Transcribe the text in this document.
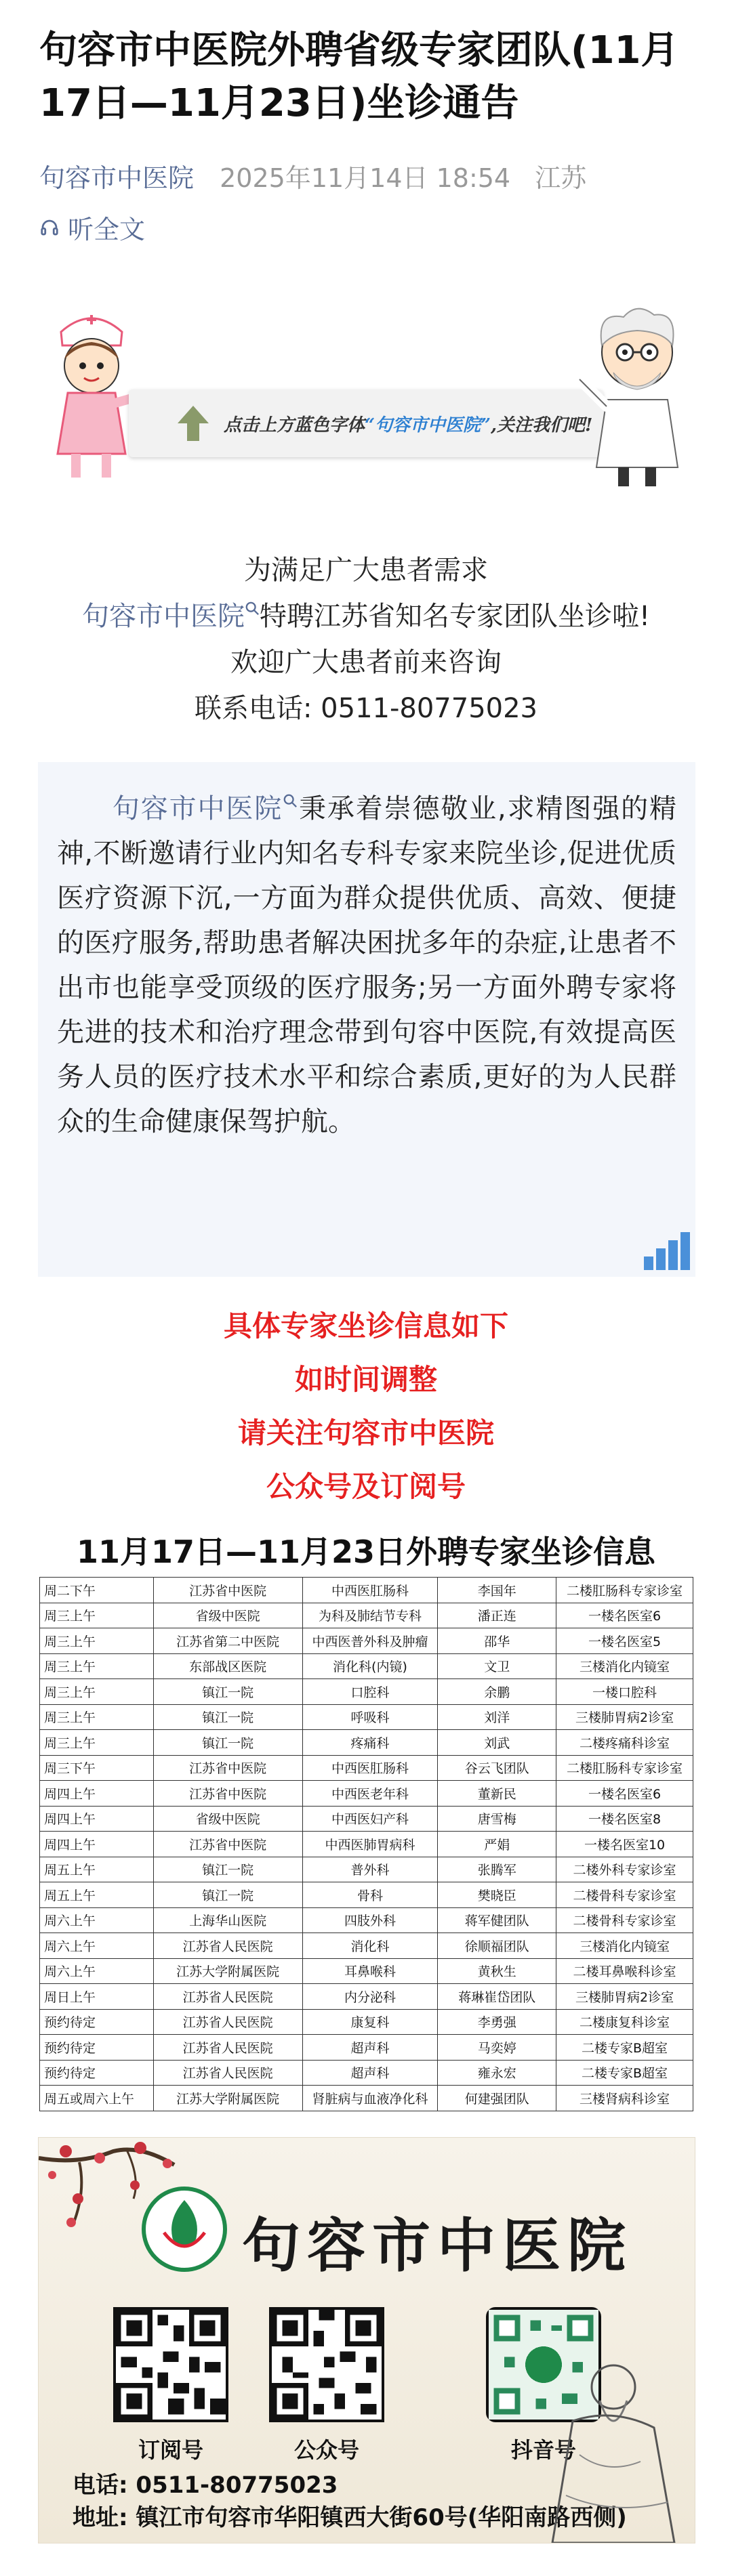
句容市中医院外聘省级专家团队(11月17日—11月23日)坐诊通告
句容市中医院 2025年11月14日 18:54 江苏
听全文
点击上方蓝色字体“句容市中医院”,关注我们吧!
为满足广大患者需求
句容市中医院 特聘江苏省知名专家团队坐诊啦!
欢迎广大患者前来咨询
联系电话: 0511-80775023

句容市中医院 秉承着崇德敬业,求精图强的精神,不断邀请行业内知名专科专家来院坐诊,促进优质医疗资源下沉,一方面为群众提供优质、高效、便捷的医疗服务,帮助患者解决困扰多年的杂症,让患者不出市也能享受顶级的医疗服务;另一方面外聘专家将先进的技术和治疗理念带到句容中医院,有效提高医务人员的医疗技术水平和综合素质,更好的为人民群众的生命健康保驾护航。

具体专家坐诊信息如下
如时间调整
请关注句容市中医院
公众号及订阅号
11月17日—11月23日外聘专家坐诊信息
周二下午	江苏省中医院	中西医肛肠科	李国年	二楼肛肠科专家诊室
周三上午	省级中医院	为科及肺结节专科	潘正连	一楼名医室6
周三上午	江苏省第二中医院	中西医普外科及肿瘤	邵华	一楼名医室5
周三上午	东部战区医院	消化科(内镜)	文卫	三楼消化内镜室
周三上午	镇江一院	口腔科	余鹏	一楼口腔科
周三上午	镇江一院	呼吸科	刘洋	三楼肺胃病2诊室
周三上午	镇江一院	疼痛科	刘武	二楼疼痛科诊室
周三下午	江苏省中医院	中西医肛肠科	谷云飞团队	二楼肛肠科专家诊室
周四上午	江苏省中医院	中西医老年科	董新民	一楼名医室6
周四上午	省级中医院	中西医妇产科	唐雪梅	一楼名医室8
周四上午	江苏省中医院	中西医肺胃病科	严娟	一楼名医室10
周五上午	镇江一院	普外科	张腾军	二楼外科专家诊室
周五上午	镇江一院	骨科	樊晓臣	二楼骨科专家诊室
周六上午	上海华山医院	四肢外科	蒋军健团队	二楼骨科专家诊室
周六上午	江苏省人民医院	消化科	徐顺福团队	三楼消化内镜室
周六上午	江苏大学附属医院	耳鼻喉科	黄秋生	二楼耳鼻喉科诊室
周日上午	江苏省人民医院	内分泌科	蒋琳崔岱团队	三楼肺胃病2诊室
预约待定	江苏省人民医院	康复科	李勇强	二楼康复科诊室
预约待定	江苏省人民医院	超声科	马奕婷	二楼专家B超室
预约待定	江苏省人民医院	超声科	雍永宏	二楼专家B超室
周五或周六上午	江苏大学附属医院	肾脏病与血液净化科	何建强团队	三楼肾病科诊室
句容市中医院
订阅号	公众号	抖音号
电话: 0511-80775023
地址: 镇江市句容市华阳镇西大街60号(华阳南路西侧)
